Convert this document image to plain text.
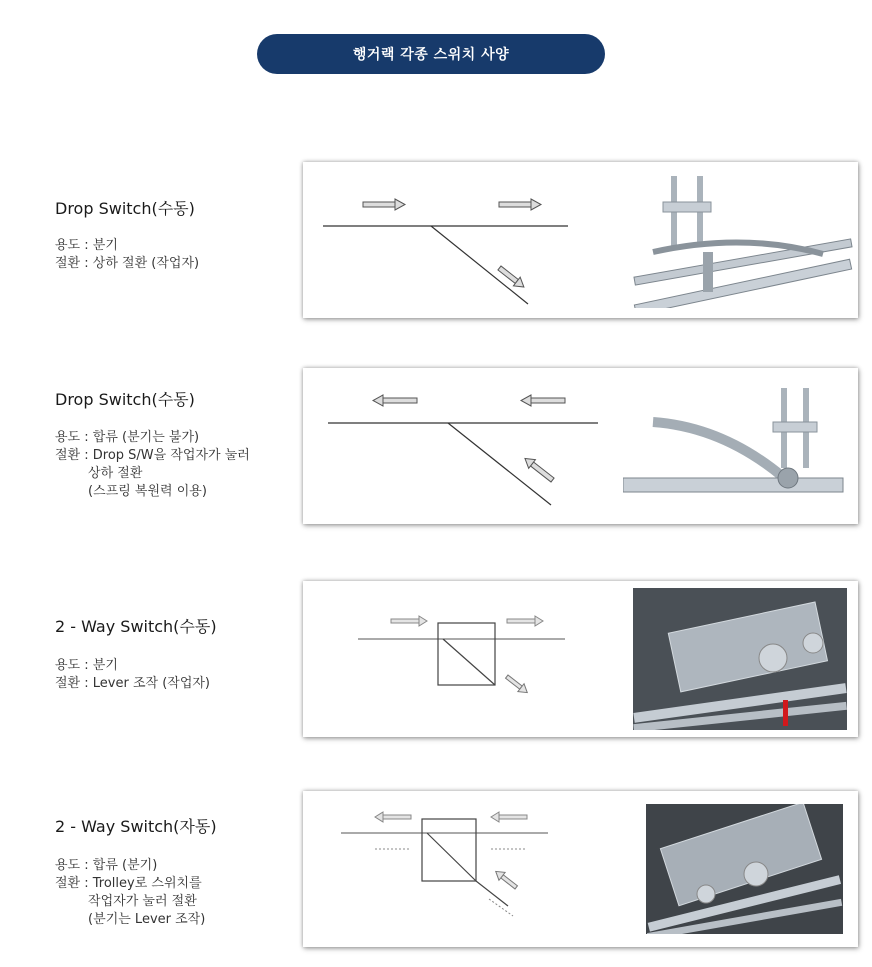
행거랙 각종 스위치 사양
Drop Switch(수동)
용도 : 분기
절환 : 상하 절환 (작업자)
Drop Switch(수동)
용도 : 합류 (분기는 불가)
절환 : Drop S/W을 작업자가 눌러
상하 절환
(스프링 복원력 이용)
2 - Way Switch(수동)
용도 : 분기
절환 : Lever 조작 (작업자)
2 - Way Switch(자동)
용도 : 합류 (분기)
절환 : Trolley로 스위치를
작업자가 눌러 절환
(분기는 Lever 조작)
